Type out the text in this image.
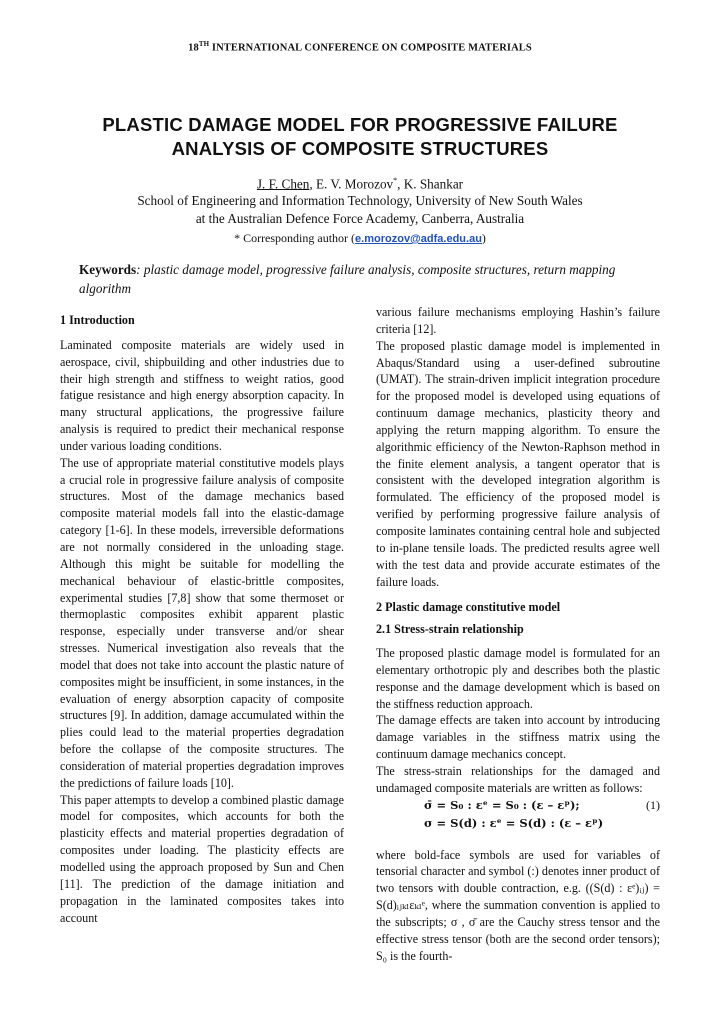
18TH INTERNATIONAL CONFERENCE ON COMPOSITE MATERIALS
PLASTIC DAMAGE MODEL FOR PROGRESSIVE FAILURE
ANALYSIS OF COMPOSITE STRUCTURES
J. F. Chen, E. V. Morozov*, K. Shankar
School of Engineering and Information Technology, University of New South Wales
at the Australian Defence Force Academy, Canberra, Australia
* Corresponding author (e.morozov@adfa.edu.au)
Keywords: plastic damage model, progressive failure analysis, composite structures, return mapping algorithm

1 Introduction

Laminated composite materials are widely used in aerospace, civil, shipbuilding and other industries due to their high strength and stiffness to weight ratios, good fatigue resistance and high energy absorption capacity. In many structural applications, the progressive failure analysis is required to predict their mechanical response under various loading conditions.

The use of appropriate material constitutive models plays a crucial role in progressive failure analysis of composite structures. Most of the damage mechanics based composite material models fall into the elastic-damage category [1-6]. In these models, irreversible deformations are not normally considered in the unloading stage. Although this might be suitable for modelling the mechanical behaviour of elastic-brittle composites, experimental studies [7,8] show that some thermoset or thermoplastic composites exhibit apparent plastic response, especially under transverse and/or shear stresses. Numerical investigation also reveals that the model that does not take into account the plastic nature of composites might be insufficient, in some instances, in the evaluation of energy absorption capacity of composite structures [9]. In addition, damage accumulated within the plies could lead to the material properties degradation before the collapse of the composite structures. The consideration of material properties degradation improves the predictions of failure loads [10].

This paper attempts to develop a combined plastic damage model for composites, which accounts for both the plasticity effects and material properties degradation of composites under loading. The plasticity effects are modelled using the approach proposed by Sun and Chen [11]. The prediction of the damage initiation and propagation in the laminated composites takes into account

various failure mechanisms employing Hashin’s failure criteria [12].

The proposed plastic damage model is implemented in Abaqus/Standard using a user-defined subroutine (UMAT). The strain-driven implicit integration procedure for the proposed model is developed using equations of continuum damage mechanics, plasticity theory and applying the return mapping algorithm. To ensure the algorithmic efficiency of the Newton-Raphson method in the finite element analysis, a tangent operator that is consistent with the developed integration algorithm is formulated. The efficiency of the proposed model is verified by performing progressive failure analysis of composite laminates containing central hole and subjected to in-plane tensile loads. The predicted results agree well with the test data and provide accurate estimates of the failure loads.

2 Plastic damage constitutive model

2.1 Stress-strain relationship

The proposed plastic damage model is formulated for an elementary orthotropic ply and describes both the plastic response and the damage development which is based on the stiffness reduction approach.

The damage effects are taken into account by introducing damage variables in the stiffness matrix using the continuum damage mechanics concept.

The stress-strain relationships for the damaged and undamaged composite materials are written as follows:

σ̄ = S₀ : εᵉ = S₀ : (ε – εᵖ);	(1)
σ = S(d) : εᵉ = S(d) : (ε – εᵖ)

where bold-face symbols are used for variables of tensorial character and symbol (:) denotes inner product of two tensors with double contraction, e.g. ((S(d) : εᵉ)ᵢⱼ) = S(d)ᵢⱼₖₗεₖₗᵉ, where the summation convention is applied to the subscripts; σ , σ̄ are the Cauchy stress tensor and the effective stress tensor (both are the second order tensors); S₀ is the fourth-
